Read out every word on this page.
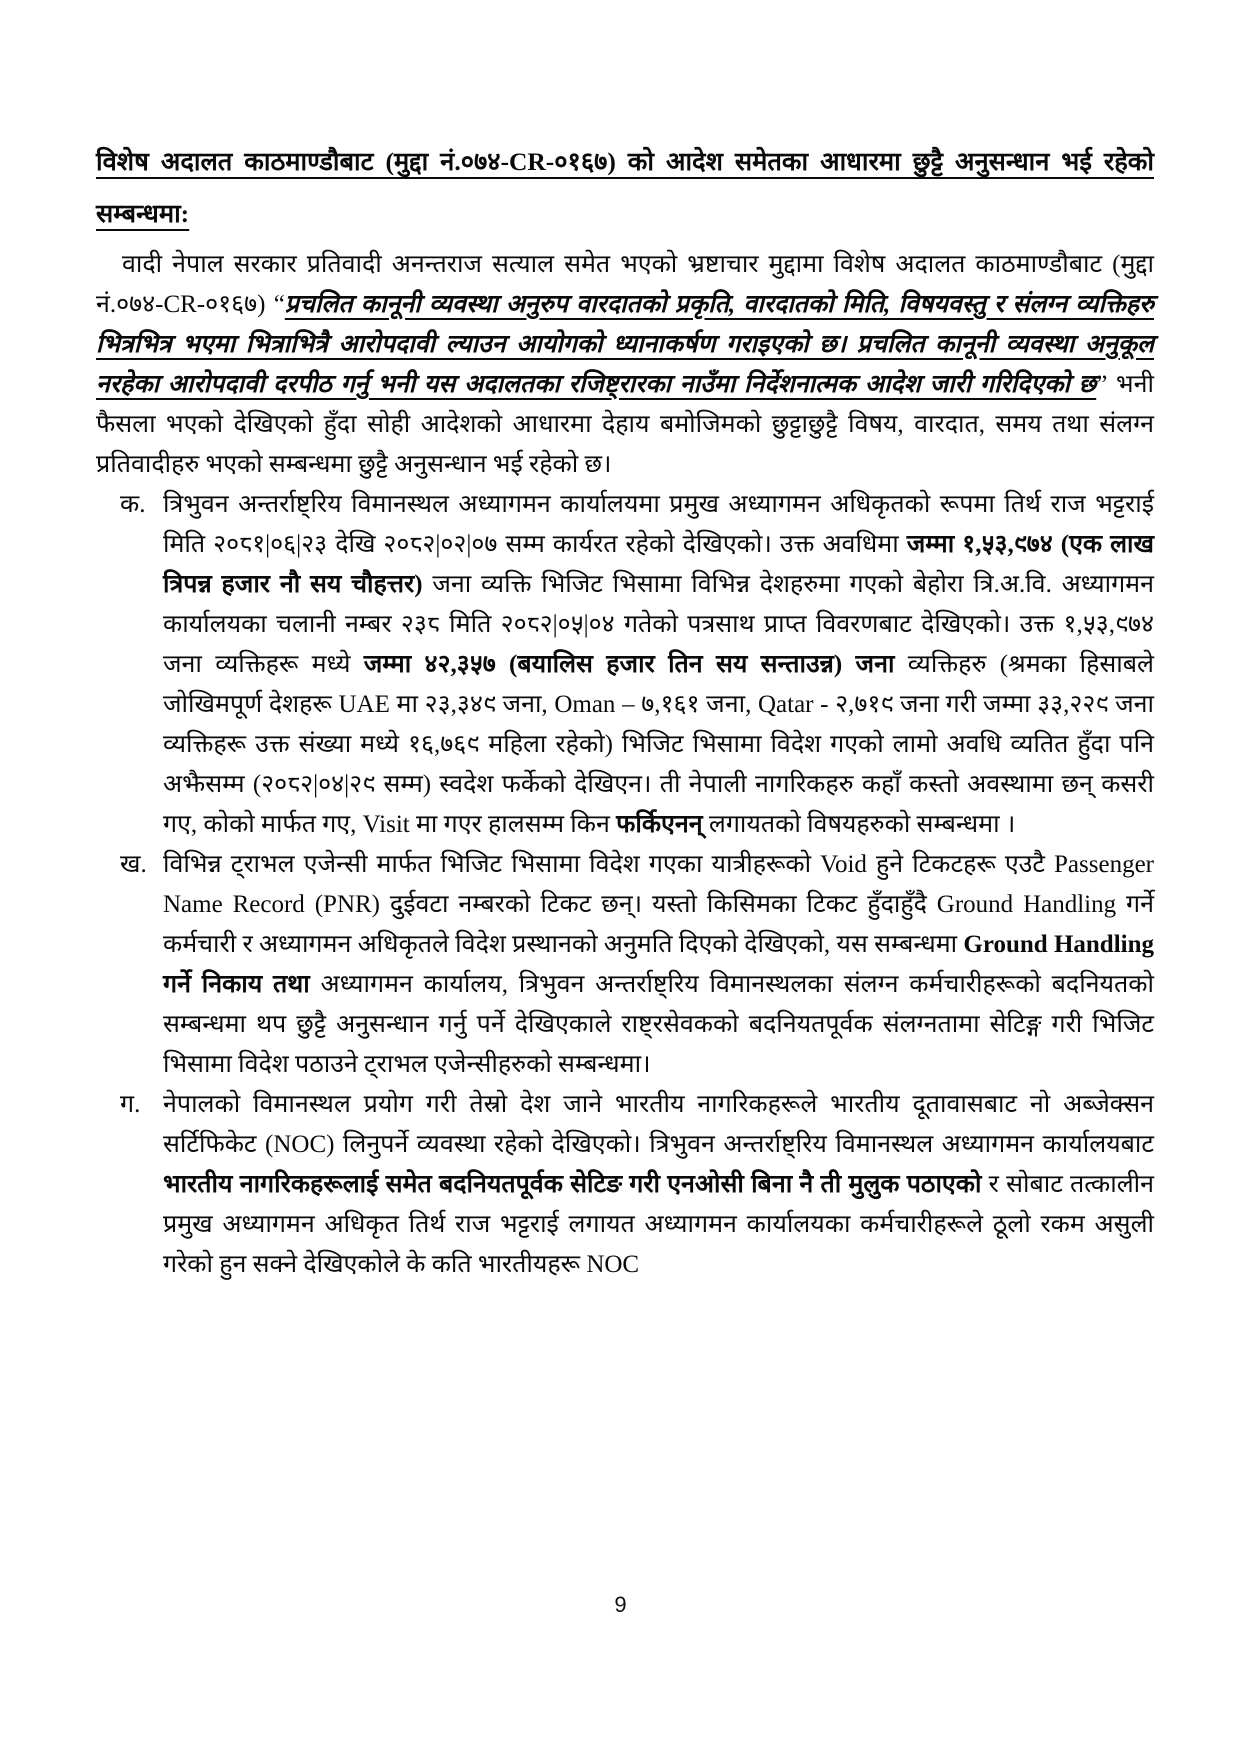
विशेष अदालत काठमाण्डौबाट (मुद्दा नं.०७४-CR-०१६७) को आदेश समेतका आधारमा छुट्टै अनुसन्धान भई रहेको सम्बन्धमा:

वादी नेपाल सरकार प्रतिवादी अनन्तराज सत्याल समेत भएको भ्रष्टाचार मुद्दामा विशेष अदालत काठमाण्डौबाट (मुद्दा नं.०७४-CR-०१६७) “प्रचलित कानूनी व्यवस्था अनुरुप वारदातको प्रकृति, वारदातको मिति, विषयवस्तु र संलग्न व्यक्तिहरु भित्रभित्र भएमा भित्राभित्रै आरोपदावी ल्याउन आयोगको ध्यानाकर्षण गराइएको छ। प्रचलित कानूनी व्यवस्था अनुकूल नरहेका आरोपदावी दरपीठ गर्नु भनी यस अदालतका रजिष्ट्रारका नाउँमा निर्देशनात्मक आदेश जारी गरिदिएको छ” भनी फैसला भएको देखिएको हुँदा सोही आदेशको आधारमा देहाय बमोजिमको छुट्टाछुट्टै विषय, वारदात, समय तथा संलग्न प्रतिवादीहरु भएको सम्बन्धमा छुट्टै अनुसन्धान भई रहेको छ।

क. त्रिभुवन अन्तर्राष्ट्रिय विमानस्थल अध्यागमन कार्यालयमा प्रमुख अध्यागमन अधिकृतको रूपमा तिर्थ राज भट्टराई मिति २०८१|०६|२३ देखि २०८२|०२|०७ सम्म कार्यरत रहेको देखिएको। उक्त अवधिमा जम्मा १,५३,९७४ (एक लाख त्रिपन्न हजार नौ सय चौहत्तर) जना व्यक्ति भिजिट भिसामा विभिन्न देशहरुमा गएको बेहोरा त्रि.अ.वि. अध्यागमन कार्यालयका चलानी नम्बर २३८ मिति २०८२|०५|०४ गतेको पत्रसाथ प्राप्त विवरणबाट देखिएको। उक्त १,५३,९७४ जना व्यक्तिहरू मध्ये जम्मा ४२,३५७ (बयालिस हजार तिन सय सन्ताउन्न) जना व्यक्तिहरु (श्रमका हिसाबले जोखिमपूर्ण देशहरू UAE मा २३,३४९ जना, Oman – ७,१६१ जना, Qatar - २,७१९ जना गरी जम्मा ३३,२२९ जना व्यक्तिहरू उक्त संख्या मध्ये १६,७६९ महिला रहेको) भिजिट भिसामा विदेश गएको लामो अवधि व्यतित हुँदा पनि अझैसम्म (२०८२|०४|२९ सम्म) स्वदेश फर्केको देखिएन। ती नेपाली नागरिकहरु कहाँ कस्तो अवस्थामा छन् कसरी गए, कोको मार्फत गए, Visit मा गएर हालसम्म किन फर्किएनन् लगायतको विषयहरुको सम्बन्धमा ।
ख. विभिन्न ट्राभल एजेन्सी मार्फत भिजिट भिसामा विदेश गएका यात्रीहरूको Void हुने टिकटहरू एउटै Passenger Name Record (PNR) दुईवटा नम्बरको टिकट छन्। यस्तो किसिमका टिकट हुँदाहुँदै Ground Handling गर्ने कर्मचारी र अध्यागमन अधिकृतले विदेश प्रस्थानको अनुमति दिएको देखिएको, यस सम्बन्धमा Ground Handling गर्ने निकाय तथा अध्यागमन कार्यालय, त्रिभुवन अन्तर्राष्ट्रिय विमानस्थलका संलग्न कर्मचारीहरूको बदनियतको सम्बन्धमा थप छुट्टै अनुसन्धान गर्नु पर्ने देखिएकाले राष्ट्रसेवकको बदनियतपूर्वक संलग्नतामा सेटिङ्ग गरी भिजिट भिसामा विदेश पठाउने ट्राभल एजेन्सीहरुको सम्बन्धमा।
ग. नेपालको विमानस्थल प्रयोग गरी तेस्रो देश जाने भारतीय नागरिकहरूले भारतीय दूतावासबाट नो अब्जेक्सन सर्टिफिकेट (NOC) लिनुपर्ने व्यवस्था रहेको देखिएको। त्रिभुवन अन्तर्राष्ट्रिय विमानस्थल अध्यागमन कार्यालयबाट भारतीय नागरिकहरूलाई समेत बदनियतपूर्वक सेटिङ गरी एनओसी बिना नै ती मुलुक पठाएको र सोबाट तत्कालीन प्रमुख अध्यागमन अधिकृत तिर्थ राज भट्टराई लगायत अध्यागमन कार्यालयका कर्मचारीहरूले ठूलो रकम असुली गरेको हुन सक्ने देखिएकोले के कति भारतीयहरू NOC
9
